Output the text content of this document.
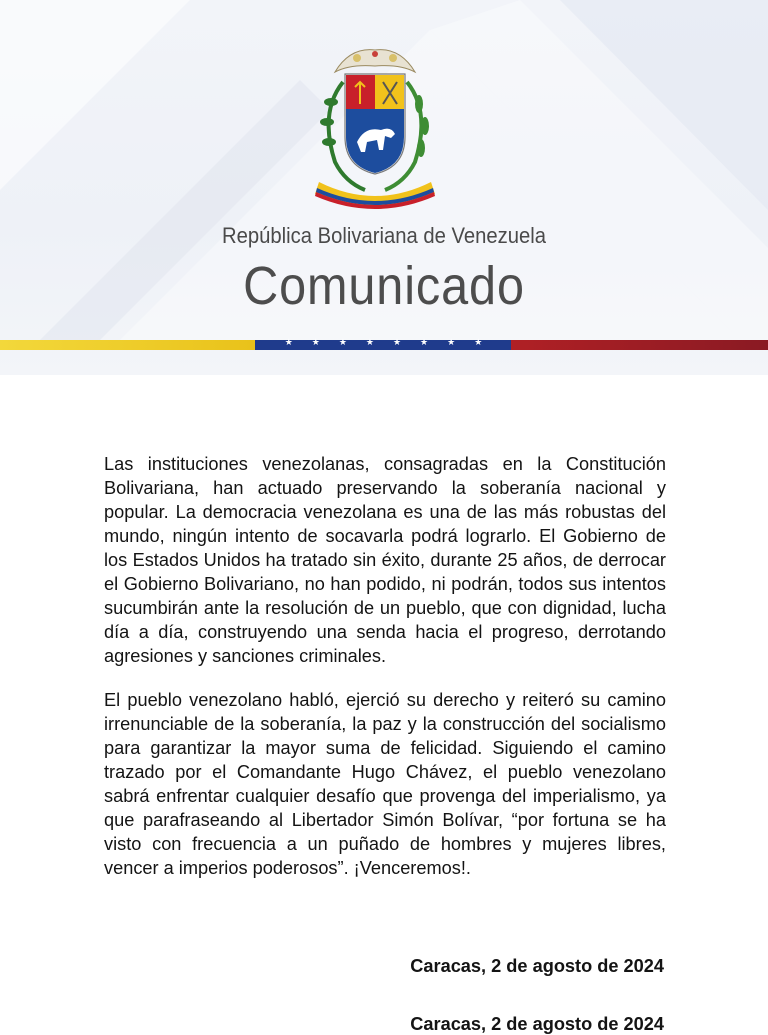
República Bolivariana de Venezuela
Comunicado
★★★★★★★★

Las instituciones venezolanas, consagradas en la Constitución Bolivariana, han actuado preservando la soberanía nacional y popular. La democracia venezolana es una de las más robustas del mundo, ningún intento de socavarla podrá lograrlo. El Gobierno de los Estados Unidos ha tratado sin éxito, durante 25 años, de derrocar el Gobierno Bolivariano, no han podido, ni podrán, todos sus intentos sucumbirán ante la resolución de un pueblo, que con dignidad, lucha día a día, construyendo una senda hacia el progreso, derrotando agresiones y sanciones criminales.

El pueblo venezolano habló, ejerció su derecho y reiteró su camino irrenunciable de la soberanía, la paz y la construcción del socialismo para garantizar la mayor suma de felicidad. Siguiendo el camino trazado por el Comandante Hugo Chávez, el pueblo venezolano sabrá enfrentar cualquier desafío que provenga del imperialismo, ya que parafraseando al Libertador Simón Bolívar, “por fortuna se ha visto con frecuencia a un puñado de hombres y mujeres libres, vencer a imperios poderosos”. ¡Venceremos!.

Caracas, 2 de agosto de 2024
Caracas, 2 de agosto de 2024
